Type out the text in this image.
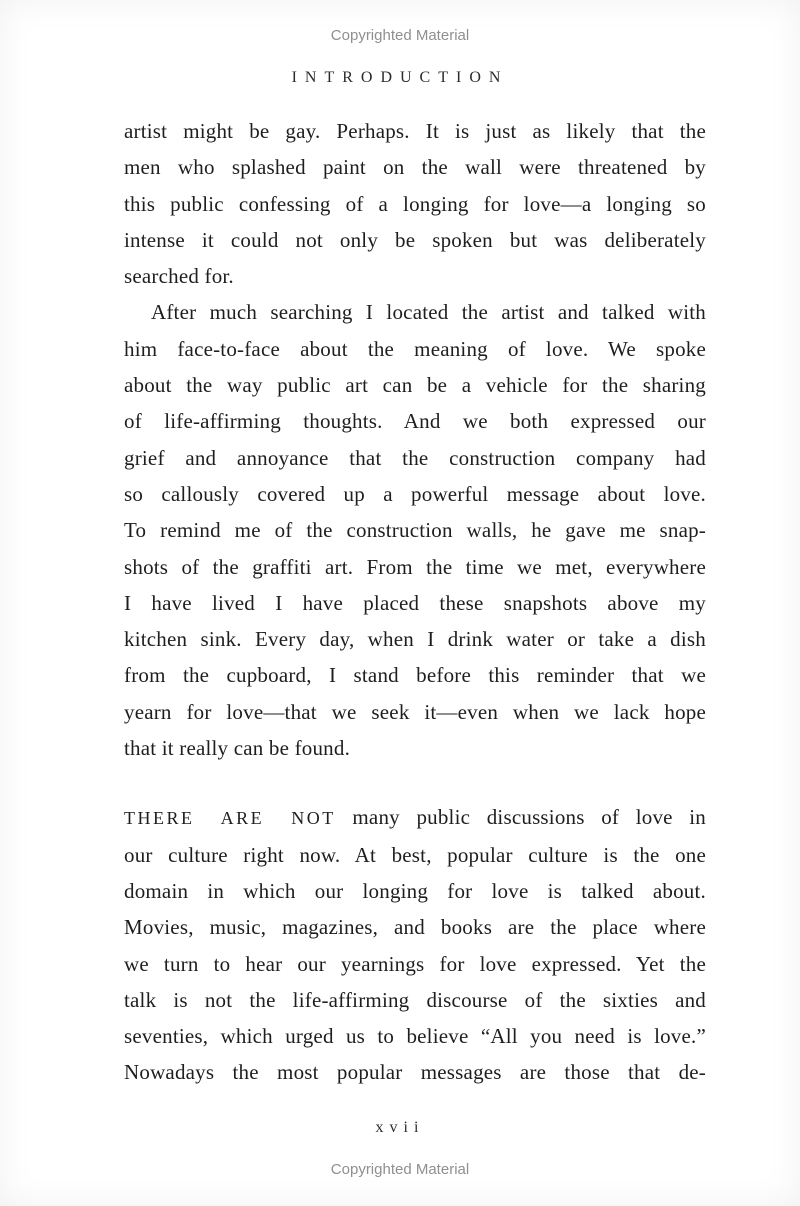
Copyrighted Material
INTRODUCTION
artist might be gay. Perhaps. It is just as likely that the
men who splashed paint on the wall were threatened by
this public confessing of a longing for love—a longing so
intense it could not only be spoken but was deliberately
searched for.
After much searching I located the artist and talked with
him face-to-face about the meaning of love. We spoke
about the way public art can be a vehicle for the sharing
of life-affirming thoughts. And we both expressed our
grief and annoyance that the construction company had
so callously covered up a powerful message about love.
To remind me of the construction walls, he gave me snap-
shots of the graffiti art. From the time we met, everywhere
I have lived I have placed these snapshots above my
kitchen sink. Every day, when I drink water or take a dish
from the cupboard, I stand before this reminder that we
yearn for love—that we seek it—even when we lack hope
that it really can be found.
THERE ARE NOT many public discussions of love in
our culture right now. At best, popular culture is the one
domain in which our longing for love is talked about.
Movies, music, magazines, and books are the place where
we turn to hear our yearnings for love expressed. Yet the
talk is not the life-affirming discourse of the sixties and
seventies, which urged us to believe “All you need is love.”
Nowadays the most popular messages are those that de-
xvii
Copyrighted Material
